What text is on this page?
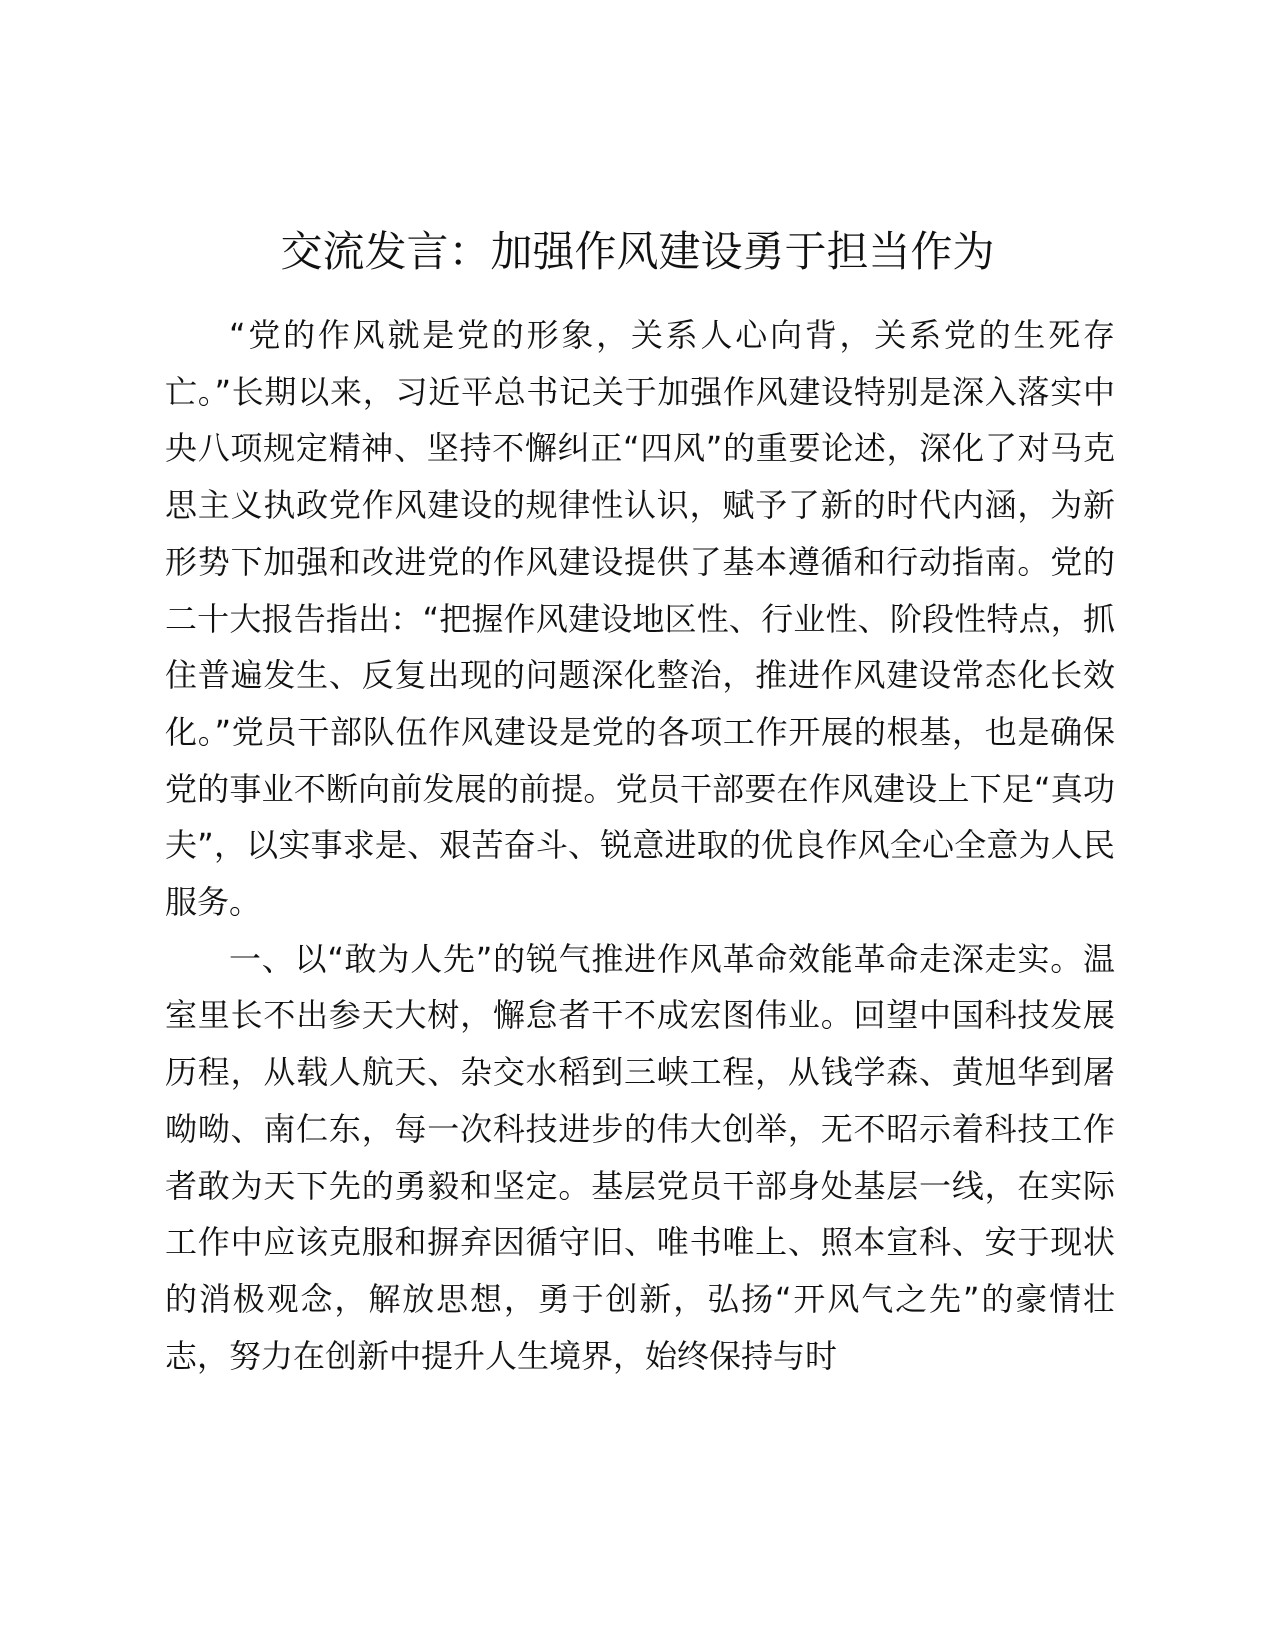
交流发言：加强作风建设勇于担当作为

“党的作风就是党的形象，关系人心向背，关系党的生死存亡。”长期以来，习近平总书记关于加强作风建设特别是深入落实中央八项规定精神、坚持不懈纠正“四风”的重要论述，深化了对马克思主义执政党作风建设的规律性认识，赋予了新的时代内涵，为新形势下加强和改进党的作风建设提供了基本遵循和行动指南。党的二十大报告指出：“把握作风建设地区性、行业性、阶段性特点，抓住普遍发生、反复出现的问题深化整治，推进作风建设常态化长效化。”党员干部队伍作风建设是党的各项工作开展的根基，也是确保党的事业不断向前发展的前提。党员干部要在作风建设上下足“真功夫”，以实事求是、艰苦奋斗、锐意进取的优良作风全心全意为人民服务。

一、以“敢为人先”的锐气推进作风革命效能革命走深走实。温室里长不出参天大树，懈怠者干不成宏图伟业。回望中国科技发展历程，从载人航天、杂交水稻到三峡工程，从钱学森、黄旭华到屠呦呦、南仁东，每一次科技进步的伟大创举，无不昭示着科技工作者敢为天下先的勇毅和坚定。基层党员干部身处基层一线，在实际工作中应该克服和摒弃因循守旧、唯书唯上、照本宣科、安于现状的消极观念，解放思想，勇于创新，弘扬“开风气之先”的豪情壮志，努力在创新中提升人生境界，始终保持与时
